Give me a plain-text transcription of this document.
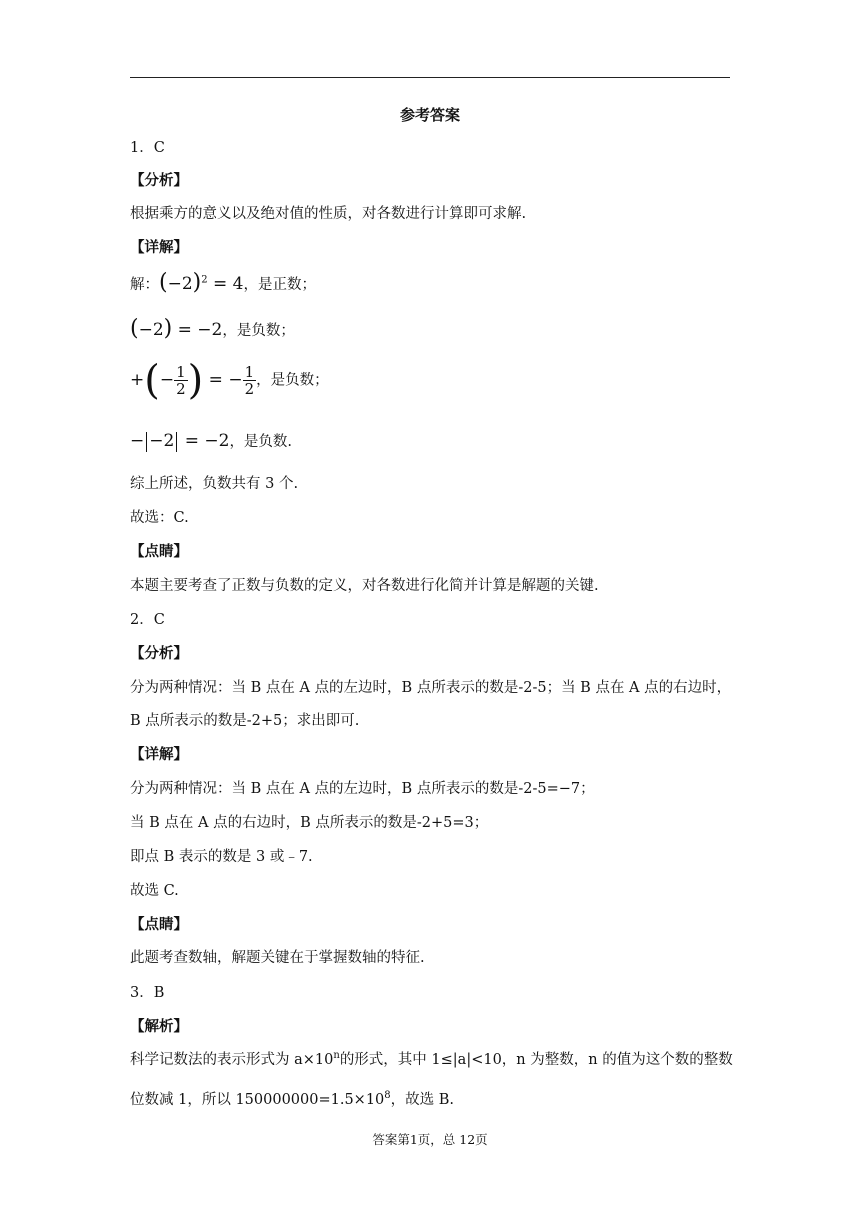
参考答案
1．C
【分析】
根据乘方的意义以及绝对值的性质，对各数进行计算即可求解.
【详解】
解：$(-2)^2 = 4$，是正数；
(−2) = −2，是负数；
+(− $\frac{1}{2}$ ) = − $\frac{1}{2}$ ，是负数；
− −2 = −2，是负数.
综上所述，负数共有 3 个.
故选：C.
【点睛】
本题主要考查了正数与负数的定义，对各数进行化简并计算是解题的关键.
2．C
【分析】
分为两种情况：当 B 点在 A 点的左边时，B 点所表示的数是-2-5；当 B 点在 A 点的右边时，
B 点所表示的数是-2+5；求出即可.
【详解】
分为两种情况：当 B 点在 A 点的左边时，B 点所表示的数是-2-5=−7；
当 B 点在 A 点的右边时，B 点所表示的数是-2+5=3；
即点 B 表示的数是 3 或﹣7.
故选 C.
【点睛】
此题考查数轴，解题关键在于掌握数轴的特征.
3．B
【解析】
科学记数法的表示形式为 $a\times 10^n$的形式，其中 1≤|a|<10，n 为整数，n 的值为这个数的整数
位数减 1，所以 $150000000=1.5\times 10^8$，故选 B.
答案第1页，总 12页
